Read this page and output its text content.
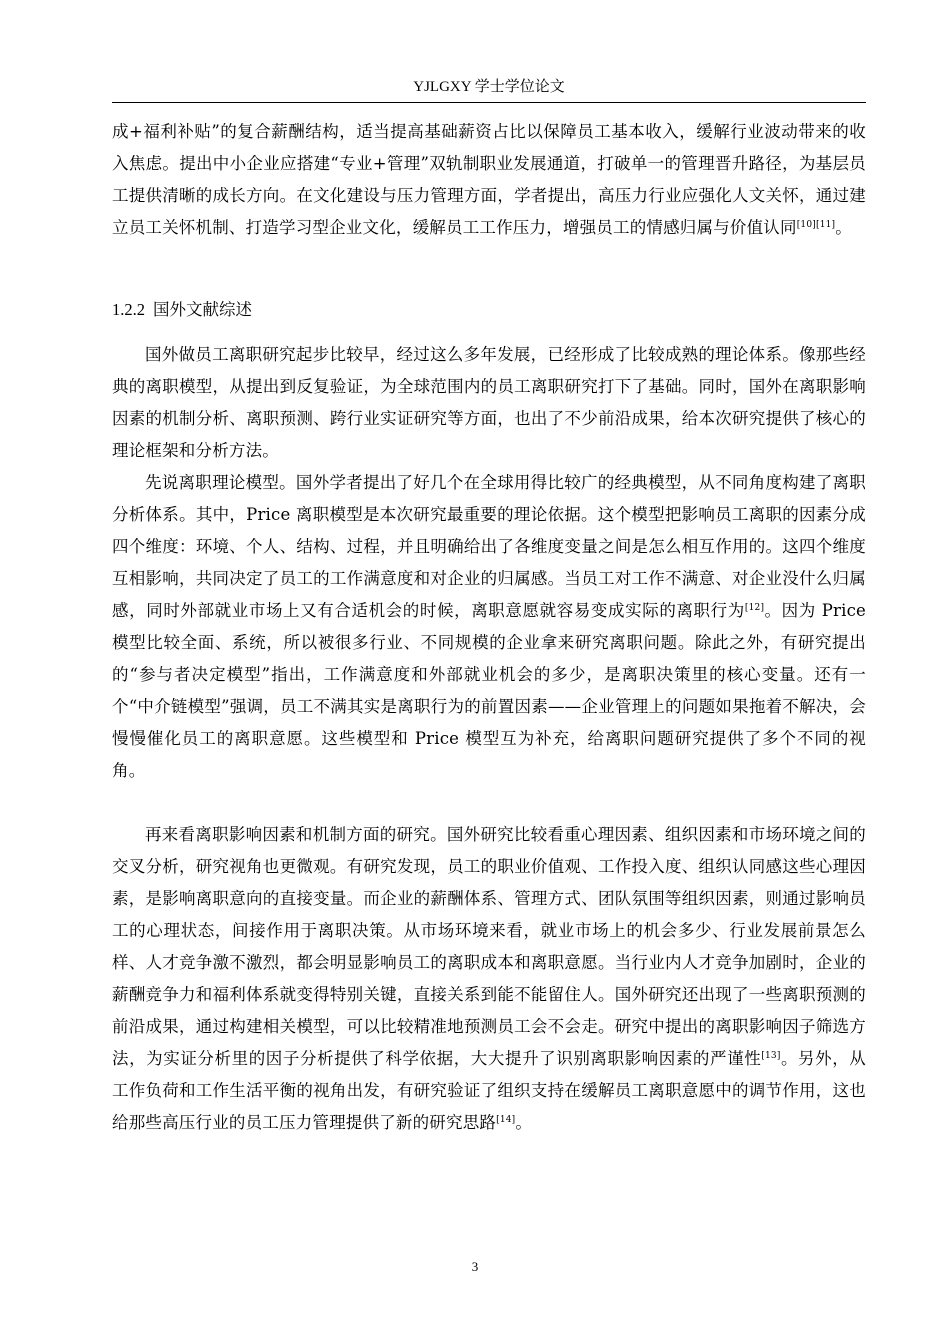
YJLGXY 学士学位论文
成+福利补贴”的复合薪酬结构，适当提高基础薪资占比以保障员工基本收入，缓解行业波动带来的收入焦虑。提出中小企业应搭建“专业+管理”双轨制职业发展通道，打破单一的管理晋升路径，为基层员工提供清晰的成长方向。在文化建设与压力管理方面，学者提出，高压力行业应强化人文关怀，通过建立员工关怀机制、打造学习型企业文化，缓解员工工作压力，增强员工的情感归属与价值认同[10][11]。
1.2.2 国外文献综述
国外做员工离职研究起步比较早，经过这么多年发展，已经形成了比较成熟的理论体系。像那些经典的离职模型，从提出到反复验证，为全球范围内的员工离职研究打下了基础。同时，国外在离职影响因素的机制分析、离职预测、跨行业实证研究等方面，也出了不少前沿成果，给本次研究提供了核心的理论框架和分析方法。
先说离职理论模型。国外学者提出了好几个在全球用得比较广的经典模型，从不同角度构建了离职分析体系。其中，Price 离职模型是本次研究最重要的理论依据。这个模型把影响员工离职的因素分成四个维度：环境、个人、结构、过程，并且明确给出了各维度变量之间是怎么相互作用的。这四个维度互相影响，共同决定了员工的工作满意度和对企业的归属感。当员工对工作不满意、对企业没什么归属感，同时外部就业市场上又有合适机会的时候，离职意愿就容易变成实际的离职行为[12]。因为 Price 模型比较全面、系统，所以被很多行业、不同规模的企业拿来研究离职问题。除此之外，有研究提出的“参与者决定模型”指出，工作满意度和外部就业机会的多少，是离职决策里的核心变量。还有一个“中介链模型”强调，员工不满其实是离职行为的前置因素——企业管理上的问题如果拖着不解决，会慢慢催化员工的离职意愿。这些模型和 Price 模型互为补充，给离职问题研究提供了多个不同的视角。
再来看离职影响因素和机制方面的研究。国外研究比较看重心理因素、组织因素和市场环境之间的交叉分析，研究视角也更微观。有研究发现，员工的职业价值观、工作投入度、组织认同感这些心理因素，是影响离职意向的直接变量。而企业的薪酬体系、管理方式、团队氛围等组织因素，则通过影响员工的心理状态，间接作用于离职决策。从市场环境来看，就业市场上的机会多少、行业发展前景怎么样、人才竞争激不激烈，都会明显影响员工的离职成本和离职意愿。当行业内人才竞争加剧时，企业的薪酬竞争力和福利体系就变得特别关键，直接关系到能不能留住人。国外研究还出现了一些离职预测的前沿成果，通过构建相关模型，可以比较精准地预测员工会不会走。研究中提出的离职影响因子筛选方法，为实证分析里的因子分析提供了科学依据，大大提升了识别离职影响因素的严谨性[13]。另外，从工作负荷和工作生活平衡的视角出发，有研究验证了组织支持在缓解员工离职意愿中的调节作用，这也给那些高压行业的员工压力管理提供了新的研究思路[14]。
3
